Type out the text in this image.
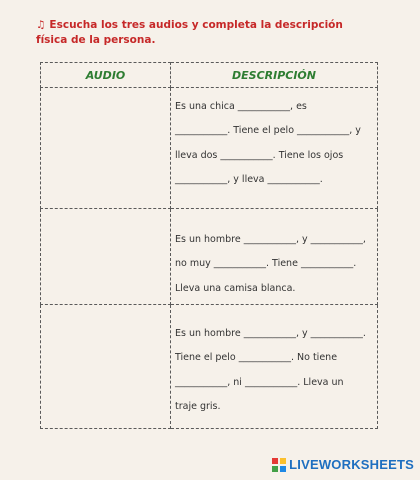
♫ Escucha los tres audios y completa la descripción física de la persona.
AUDIO	DESCRIPCIÓN

	Es una chica ___________, es
___________. Tiene el pelo ___________, y
lleva dos ___________. Tiene los ojos
___________, y lleva ___________.

	Es un hombre ___________, y ___________,
no muy ___________. Tiene ___________.
Lleva una camisa blanca.

	Es un hombre ___________, y ___________.
Tiene el pelo ___________. No tiene
___________, ni ___________. Lleva un
traje gris.
LIVEWORKSHEETS
